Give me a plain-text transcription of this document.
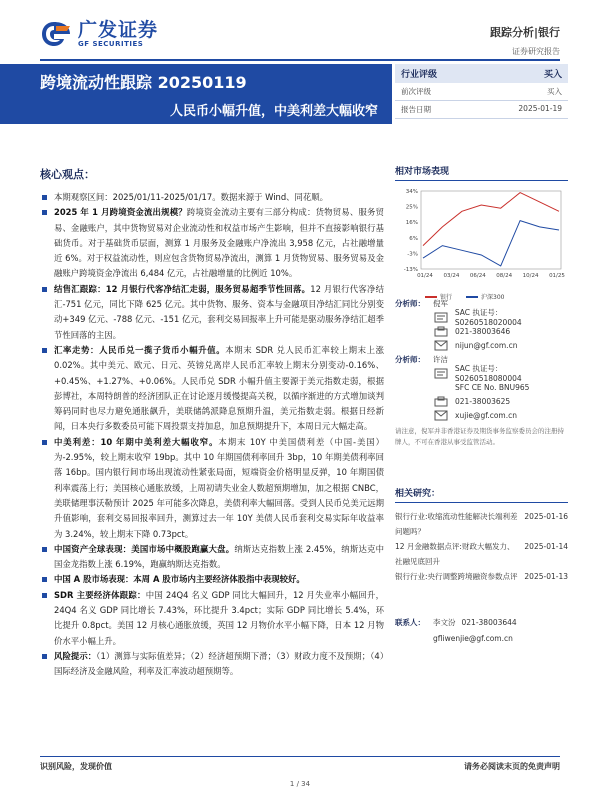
广发证券
GF SECURITIES
跟踪分析|银行
证券研究报告
跨境流动性跟踪 20250119
人民币小幅升值，中美利差大幅收窄
行业评级	买入
前次评级	买入
报告日期	2025-01-19
核心观点：
本期观察区间：2025/01/11-2025/01/17。数据来源于 Wind、同花顺。
2025 年 1 月跨境资金流出规模？跨境资金流动主要有三部分构成：货物贸易、服务贸易、金融账户，其中货物贸易对企业流动性和权益市场产生影响，但并不直接影响银行基础货币。对于基础货币层面，测算 1 月服务及金融账户净流出 3,958 亿元，占社融增量近 6%。对于权益流动性，则应包含货物贸易净流出，测算 1 月货物贸易、服务贸易及金融账户跨境资金净流出 6,484 亿元，占社融增量的比例近 10%。
结售汇跟踪：12 月银行代客净结汇走弱，服务贸易超季节性回落。12 月银行代客净结汇-751 亿元，同比下降 625 亿元。其中货物、服务、资本与金融项目净结汇同比分别变动+349 亿元、-788 亿元、-151 亿元，套利交易回报率上升可能是驱动服务净结汇超季节性回落的主因。
汇率走势：人民币兑一揽子货币小幅升值。本期末 SDR 兑人民币汇率较上期末上涨 0.02%。其中美元、欧元、日元、英镑兑离岸人民币汇率较上期末分别变动-0.16%、+0.45%、+1.27%、+0.06%。人民币兑 SDR 小幅升值主要源于美元指数走弱，根据彭博社，本周特朗普的经济团队正在讨论逐月缓慢提高关税，以循序渐进的方式增加谈判筹码同时也尽力避免通胀飙升，美联储鸽派降息预期升温，美元指数走弱。根据日经新闻，日本央行多数委员可能下周投票支持加息，加息预期提升下，本周日元大幅走高。
中美利差：10 年期中美利差大幅收窄。本期末 10Y 中美国债利差（中国-美国）为-2.95%，较上期末收窄 19bp。其中 10 年期国债利率回升 3bp，10 年期美债利率回落 16bp。国内银行间市场出现流动性紧张局面，短端资金价格明显反弹，10 年期国债利率震荡上行；美国核心通胀放缓，上周初请失业金人数超预期增加，加之根据 CNBC，美联储理事沃勒预计 2025 年可能多次降息，美债利率大幅回落。受到人民币兑美元远期升值影响，套利交易回报率回升，测算过去一年 10Y 美债人民币套利交易实际年收益率为 3.24%，较上期末下降 0.73pct。
中国资产全球表现：美国市场中概股跑赢大盘。纳斯达克指数上涨 2.45%，纳斯达克中国金龙指数上涨 6.19%，跑赢纳斯达克指数。
中国 A 股市场表现：本周 A 股市场内主要经济体股指中表现较好。
SDR 主要经济体跟踪：中国 24Q4 名义 GDP 同比大幅回升，12 月失业率小幅回升，24Q4 名义 GDP 同比增长 7.43%，环比提升 3.4pct；实际 GDP 同比增长 5.4%，环比提升 0.8pct。美国 12 月核心通胀放缓，英国 12 月物价水平小幅下降，日本 12 月物价水平小幅上升。
风险提示：（1）测算与实际值差异；（2）经济超预期下滑；（3）财政力度不及预期；（4）国际经济及金融风险，利率及汇率波动超预期等。
相对市场表现
34%
25%
16%
6%
-3%
-13%
01/24 03/24 06/24 08/24 10/24 01/25
银行	沪深300
分析师：	倪军
SAC 执证号：S0260518020004
021-38003646
nijun@gf.com.cn
分析师：	许洁
SAC 执证号：S0260518080004
SFC CE No. BNU965
021-38003625
xujie@gf.com.cn
请注意，倪军并非香港证券及期货事务监察委员会的注册持牌人，不可在香港从事受监管活动。
相关研究：
银行行业:收缩流动性能解决长端利差问题吗？
2025-01-16
12 月金融数据点评:财政大幅发力、社融见底回升
2025-01-14
银行行业:央行调整跨境融资参数点评 2025-01-13
联系人：	李文汾 021-38003644
gfliwenjie@gf.com.cn
识别风险，发现价值	请务必阅读末页的免责声明
1 / 34
